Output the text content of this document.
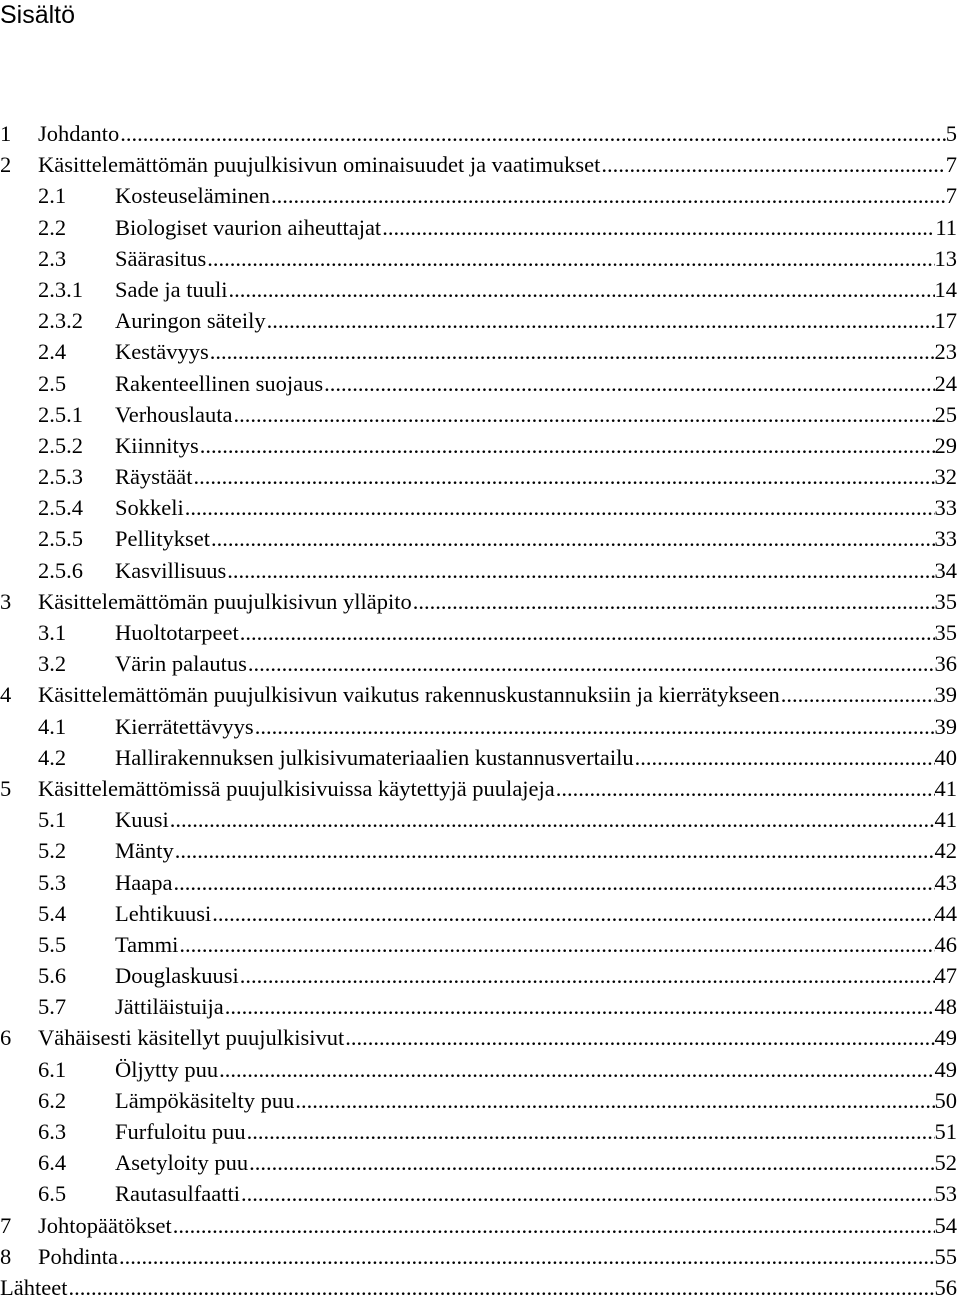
Sisältö
1 Johdanto .....	5
2 Käsittelemättömän puujulkisivun ominaisuudet ja vaatimukset .....	7
2.1 Kosteuseläminen .....	7
2.2 Biologiset vaurion aiheuttajat .....	11
2.3 Säärasitus .....	13
2.3.1 Sade ja tuuli .....	14
2.3.2 Auringon säteily .....	17
2.4 Kestävyys .....	23
2.5 Rakenteellinen suojaus .....	24
2.5.1 Verhouslauta .....	25
2.5.2 Kiinnitys .....	29
2.5.3 Räystäät .....	32
2.5.4 Sokkeli .....	33
2.5.5 Pellitykset .....	33
2.5.6 Kasvillisuus .....	34
3 Käsittelemättömän puujulkisivun ylläpito .....	35
3.1 Huoltotarpeet .....	35
3.2 Värin palautus .....	36
4 Käsittelemättömän puujulkisivun vaikutus rakennuskustannuksiin ja kierrätykseen .....	39
4.1 Kierrätettävyys .....	39
4.2 Hallirakennuksen julkisivumateriaalien kustannusvertailu .....	40
5 Käsittelemättömissä puujulkisivuissa käytettyjä puulajeja .....	41
5.1 Kuusi .....	41
5.2 Mänty .....	42
5.3 Haapa .....	43
5.4 Lehtikuusi .....	44
5.5 Tammi .....	46
5.6 Douglaskuusi .....	47
5.7 Jättiläistuija .....	48
6 Vähäisesti käsitellyt puujulkisivut .....	49
6.1 Öljytty puu .....	49
6.2 Lämpökäsitelty puu .....	50
6.3 Furfuloitu puu .....	51
6.4 Asetyloity puu .....	52
6.5 Rautasulfaatti .....	53
7 Johtopäätökset .....	54
8 Pohdinta .....	55
Lähteet .....	56
